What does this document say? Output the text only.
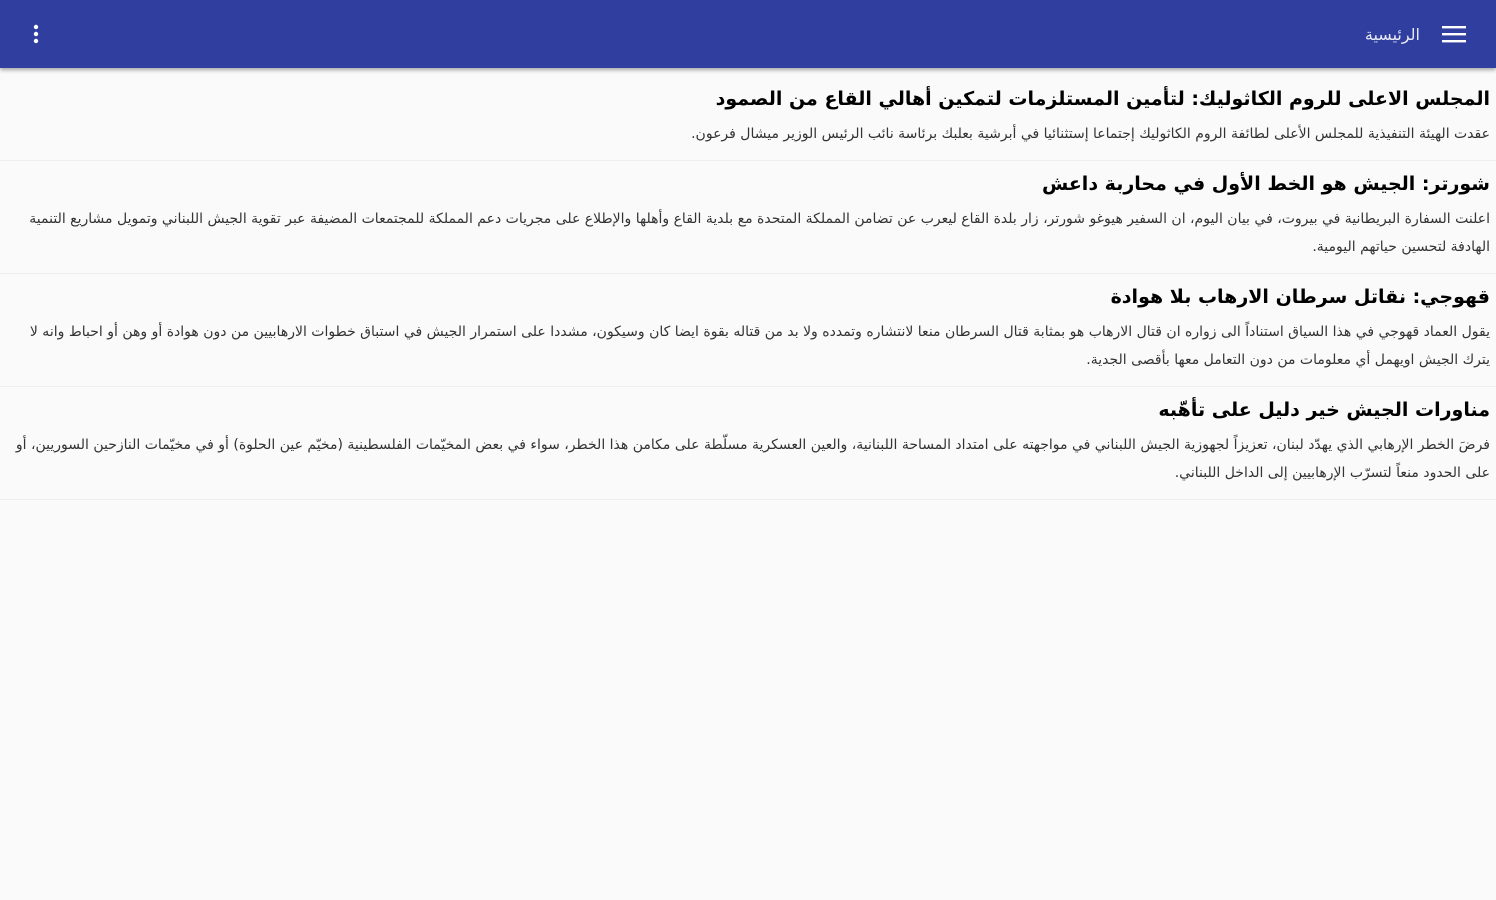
الرئيسية
المجلس الاعلى للروم الكاثوليك: لتأمين المستلزمات لتمكين أهالي القاع من الصمود
عقدت الهيئة التنفيذية للمجلس الأعلى لطائفة الروم الكاثوليك إجتماعا إستثنائيا في أبرشية بعلبك برئاسة نائب الرئيس الوزير ميشال فرعون.
شورتر: الجيش هو الخط الأول في محاربة داعش
اعلنت السفارة البريطانية في بيروت، في بيان اليوم، ان السفير هيوغو شورتر، زار بلدة القاع ليعرب عن تضامن المملكة المتحدة مع بلدية القاع وأهلها والإطلاع على مجريات دعم المملكة للمجتمعات المضيفة عبر تقوية الجيش اللبناني وتمويل مشاريع التنمية الهادفة لتحسين حياتهم اليومية.
قهوجي: نقاتل سرطان الارهاب بلا هوادة
يقول العماد قهوجي في هذا السياق استناداً الى زواره ان قتال الارهاب هو بمثابة قتال السرطان منعا لانتشاره وتمدده ولا بد من قتاله بقوة ايضا كان وسيكون، مشددا على استمرار الجيش في استباق خطوات الارهابيين من دون هوادة أو وهن أو احباط وانه لا يترك الجيش اويهمل أي معلومات من دون التعامل معها بأقصى الجدية.
مناورات الجيش خير دليل على تأهّبه
فرضَ الخطر الإرهابي الذي يهدّد لبنان، تعزيزاً لجهوزية الجيش اللبناني في مواجهته على امتداد المساحة اللبنانية، والعين العسكرية مسلّطة على مكامن هذا الخطر، سواء في بعض المخيّمات الفلسطينية (مخيّم عين الحلوة) أو في مخيّمات النازحين السوريين، أو على الحدود منعاً لتسرّب الإرهابيين إلى الداخل اللبناني.
